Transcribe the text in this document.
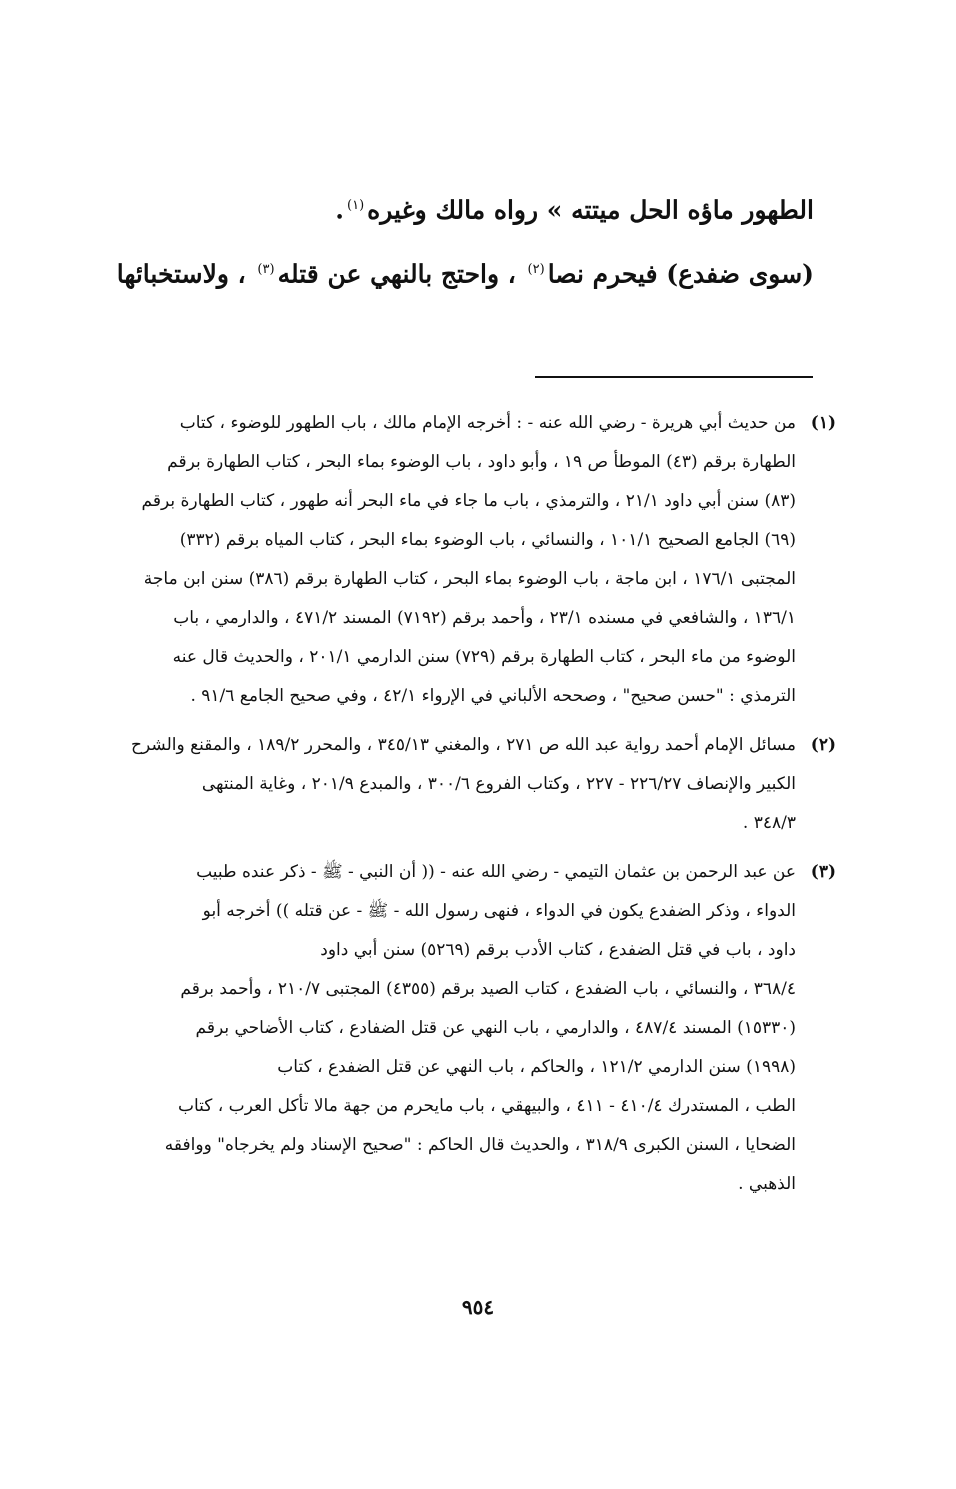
الطهور ماؤه الحل ميتته » رواه مالك وغيره$^{(١)}$.
(سوى ضفدع) فيحرم نصا$^{(٢)}$ ، واحتج بالنهي عن قتله$^{(٣)}$ ، ولاستخبائها
(١)
من حديث أبي هريرة - رضي الله عنه - : أخرجه الإمام مالك ، باب الطهور للوضوء ، كتاب
الطهارة برقم (٤٣) الموطأ ص ١٩ ، وأبو داود ، باب الوضوء بماء البحر ، كتاب الطهارة برقم
(٨٣) سنن أبي داود ٢١/١ ، والترمذي ، باب ما جاء في ماء البحر أنه طهور ، كتاب الطهارة برقم
(٦٩) الجامع الصحيح ١٠١/١ ، والنسائي ، باب الوضوء بماء البحر ، كتاب المياه برقم (٣٣٢)
المجتبى ١٧٦/١ ، ابن ماجة ، باب الوضوء بماء البحر ، كتاب الطهارة برقم (٣٨٦) سنن ابن ماجة
١٣٦/١ ، والشافعي في مسنده ٢٣/١ ، وأحمد برقم (٧١٩٢) المسند ٤٧١/٢ ، والدارمي ، باب
الوضوء من ماء البحر ، كتاب الطهارة برقم (٧٢٩) سنن الدارمي ٢٠١/١ ، والحديث قال عنه
الترمذي : "حسن صحيح" ، وصححه الألباني في الإرواء ٤٢/١ ، وفي صحيح الجامع ٩١/٦ .
(٢)
مسائل الإمام أحمد رواية عبد الله ص ٢٧١ ، والمغني ٣٤٥/١٣ ، والمحرر ١٨٩/٢ ، والمقنع والشرح
الكبير والإنصاف ٢٢٦/٢٧ - ٢٢٧ ، وكتاب الفروع ٣٠٠/٦ ، والمبدع ٢٠١/٩ ، وغاية المنتهى
٣٤٨/٣ .
(٣)
عن عبد الرحمن بن عثمان التيمي - رضي الله عنه - (( أن النبي - ﷺ - ذكر عنده طبيب
الدواء ، وذكر الضفدع يكون في الدواء ، فنهى رسول الله - ﷺ - عن قتله )) أخرجه أبو
داود ، باب في قتل الضفدع ، كتاب الأدب برقم (٥٢٦٩) سنن أبي داود
٣٦٨/٤ ، والنسائي ، باب الضفدع ، كتاب الصيد برقم (٤٣٥٥) المجتبى ٢١٠/٧ ، وأحمد برقم
(١٥٣٣٠) المسند ٤٨٧/٤ ، والدارمي ، باب النهي عن قتل الضفادع ، كتاب الأضاحي برقم
(١٩٩٨) سنن الدارمي ١٢١/٢ ، والحاكم ، باب النهي عن قتل الضفدع ، كتاب
الطب ، المستدرك ٤١٠/٤ - ٤١١ ، والبيهقي ، باب مايحرم من جهة مالا تأكل العرب ، كتاب
الضحايا ، السنن الكبرى ٣١٨/٩ ، والحديث قال الحاكم : "صحيح الإسناد ولم يخرجاه" ووافقه
الذهبي .
٩٥٤
